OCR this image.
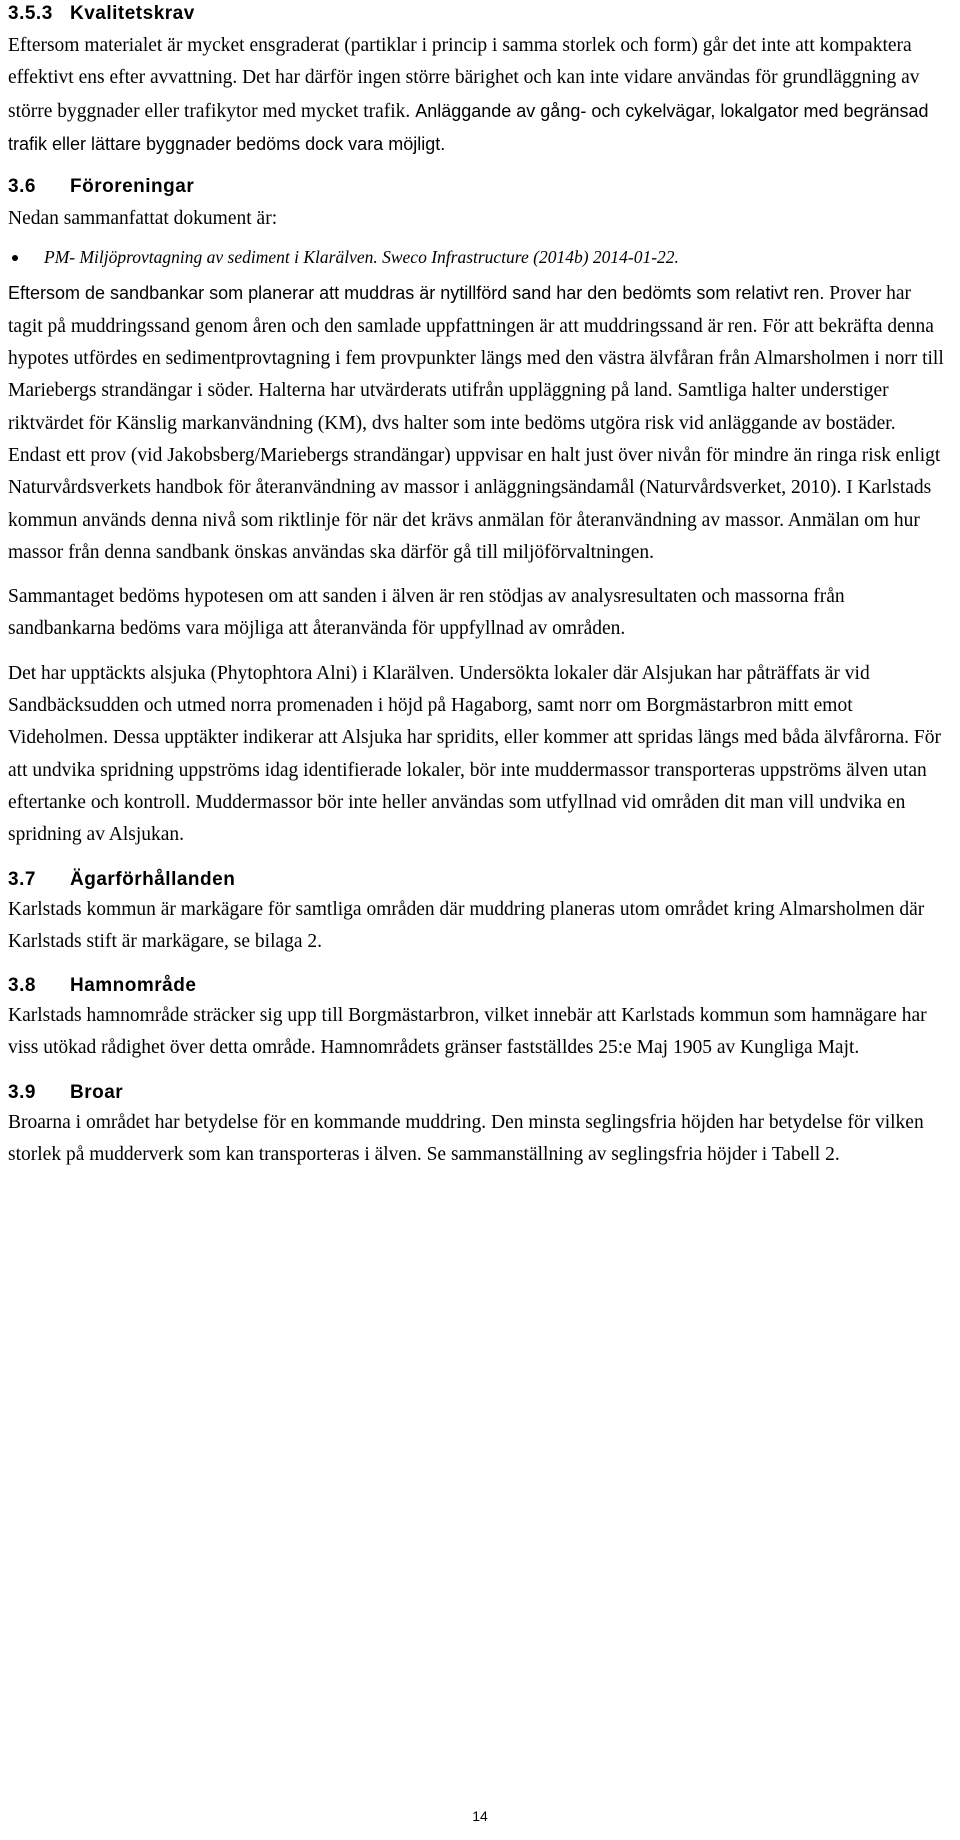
3.5.3 Kvalitetskrav

Eftersom materialet är mycket ensgraderat (partiklar i princip i samma storlek och form) går det inte att kompaktera effektivt ens efter avvattning. Det har därför ingen större bärighet och kan inte vidare användas för grundläggning av större byggnader eller trafikytor med mycket trafik. Anläggande av gång- och cykelvägar, lokalgator med begränsad trafik eller lättare byggnader bedöms dock vara möjligt.

3.6 Föroreningar

Nedan sammanfattat dokument är:

PM- Miljöprovtagning av sediment i Klarälven. Sweco Infrastructure (2014b) 2014-01-22.

Eftersom de sandbankar som planerar att muddras är nytillförd sand har den bedömts som relativt ren. Prover har tagit på muddringssand genom åren och den samlade uppfattningen är att muddringssand är ren. För att bekräfta denna hypotes utfördes en sedimentprovtagning i fem provpunkter längs med den västra älvfåran från Almarsholmen i norr till Mariebergs strandängar i söder. Halterna har utvärderats utifrån uppläggning på land. Samtliga halter understiger riktvärdet för Känslig markanvändning (KM), dvs halter som inte bedöms utgöra risk vid anläggande av bostäder. Endast ett prov (vid Jakobsberg/Mariebergs strandängar) uppvisar en halt just över nivån för mindre än ringa risk enligt Naturvårdsverkets handbok för återanvändning av massor i anläggningsändamål (Naturvårdsverket, 2010). I Karlstads kommun används denna nivå som riktlinje för när det krävs anmälan för återanvändning av massor. Anmälan om hur massor från denna sandbank önskas användas ska därför gå till miljöförvaltningen.

Sammantaget bedöms hypotesen om att sanden i älven är ren stödjas av analysresultaten och massorna från sandbankarna bedöms vara möjliga att återanvända för uppfyllnad av områden.

Det har upptäckts alsjuka (Phytophtora Alni) i Klarälven. Undersökta lokaler där Alsjukan har påträffats är vid Sandbäcksudden och utmed norra promenaden i höjd på Hagaborg, samt norr om Borgmästarbron mitt emot Videholmen. Dessa upptäkter indikerar att Alsjuka har spridits, eller kommer att spridas längs med båda älvfårorna. För att undvika spridning uppströms idag identifierade lokaler, bör inte muddermassor transporteras uppströms älven utan eftertanke och kontroll. Muddermassor bör inte heller användas som utfyllnad vid områden dit man vill undvika en spridning av Alsjukan.

3.7 Ägarförhållanden

Karlstads kommun är markägare för samtliga områden där muddring planeras utom området kring Almarsholmen där Karlstads stift är markägare, se bilaga 2.

3.8 Hamnområde

Karlstads hamnområde sträcker sig upp till Borgmästarbron, vilket innebär att Karlstads kommun som hamnägare har viss utökad rådighet över detta område. Hamnområdets gränser fastställdes 25:e Maj 1905 av Kungliga Majt.

3.9 Broar

Broarna i området har betydelse för en kommande muddring. Den minsta seglingsfria höjden har betydelse för vilken storlek på mudderverk som kan transporteras i älven. Se sammanställning av seglingsfria höjder i Tabell 2.

14
